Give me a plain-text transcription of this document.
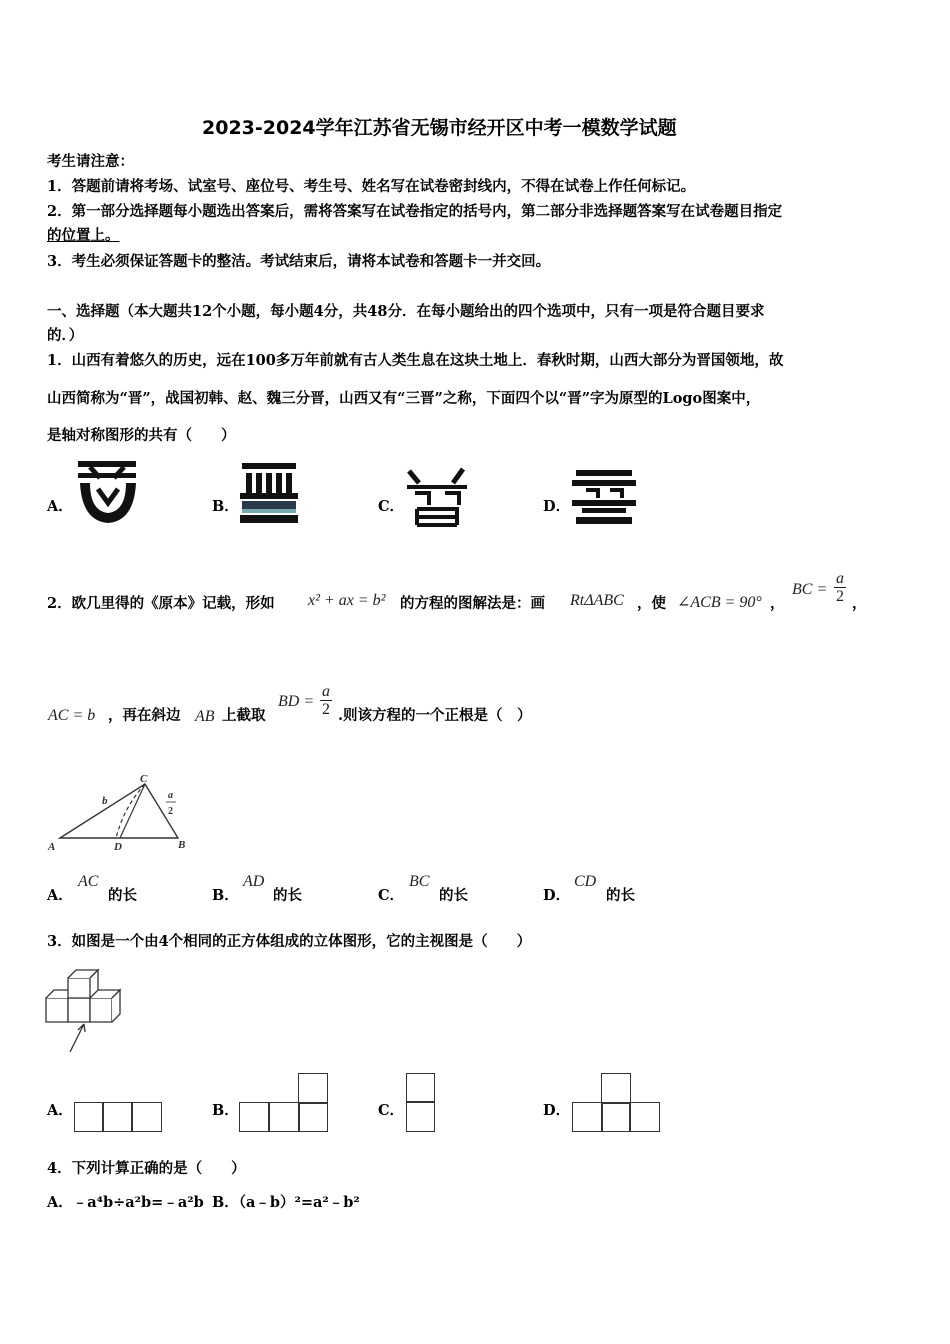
2023-2024学年江苏省无锡市经开区中考一模数学试题
考生请注意：
1．答题前请将考场、试室号、座位号、考生号、姓名写在试卷密封线内，不得在试卷上作任何标记。
2．第一部分选择题每小题选出答案后，需将答案写在试卷指定的括号内，第二部分非选择题答案写在试卷题目指定
的位置上。
3．考生必须保证答题卡的整洁。考试结束后，请将本试卷和答题卡一并交回。
一、选择题（本大题共12个小题，每小题4分，共48分．在每小题给出的四个选项中，只有一项是符合题目要求
的．）
1．山西有着悠久的历史，远在100多万年前就有古人类生息在这块土地上．春秋时期，山西大部分为晋国领地，故
山西简称为“晋”，战国初韩、赵、魏三分晋，山西又有“三晋”之称，下面四个以“晋”字为原型的Logo图案中，
是轴对称图形的共有（　　）
A．	B．	C．	D．
2．欧几里得的《原本》记载，形如 x² + ax = b² 的方程的图解法是：画 RtΔABC ，使 ∠ACB = 90° ，
BC = $\frac{a}{2}$ ，
AC = b ，再在斜边 AB 上截取
BD = $\frac{a}{2}$ .则该方程的一个正根是（　）
A	D	B
C
b	a
2
A．
AC
的长	B．
AD
的长	C．
BC
的长	D．
CD
的长
3．如图是一个由4个相同的正方体组成的立体图形，它的主视图是（　　）
A．	B．	C．	D．
4．下列计算正确的是（　　）
A．﹣a⁴b÷a²b=﹣a²b B．（a﹣b）²=a²﹣b²
